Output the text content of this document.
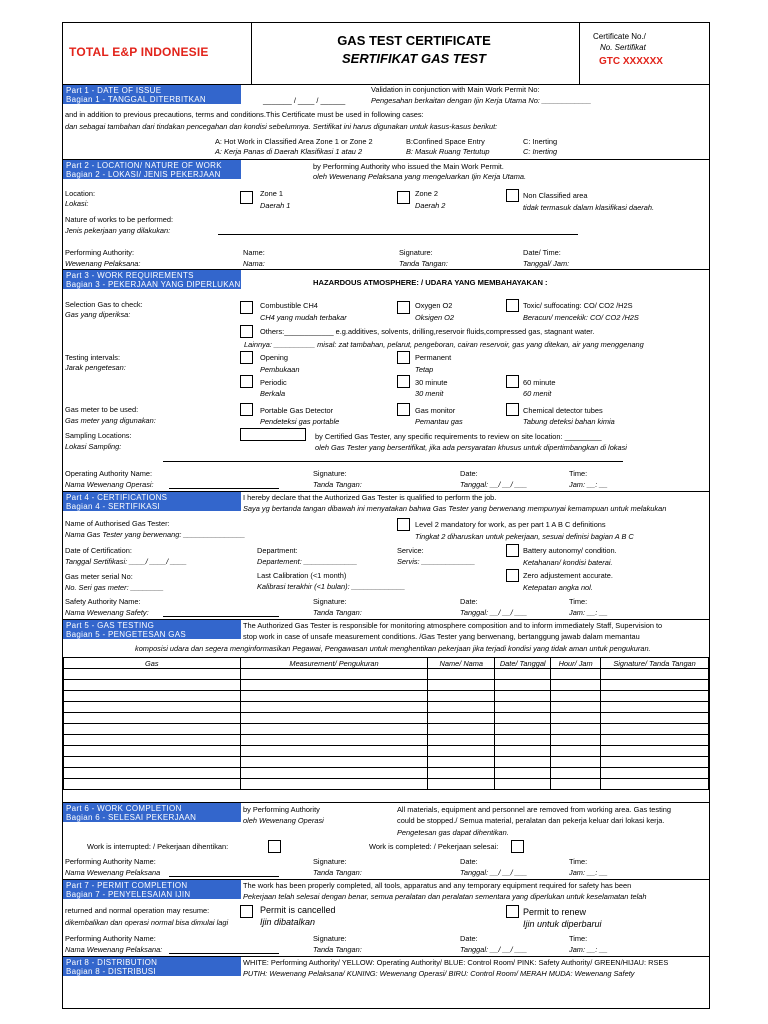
TOTAL E&P INDONESIE
GAS TEST CERTIFICATE
SERTIFIKAT GAS TEST
Certificate No./
No. Sertifikat
GTC XXXXXX
Part 1 - DATE OF ISSUE
Bagian 1 - TANGGAL DITERBITKAN	_______ / ____ / ______
Validation in conjunction with Main Work Permit No:
Pengesahan berkaitan dengan Ijin Kerja Utama No: ____________
and in addition to previous precautions, terms and conditions.This Certificate must be used in following cases:
dan sebagai tambahan dari tindakan pencegahan dan kondisi sebelumnya. Sertifikat ini harus digunakan untuk kasus-kasus berikut:
A: Hot Work in Classified Area Zone 1 or Zone 2
A: Kerja Panas di Daerah Klasifikasi 1 atau 2
B:Confined Space Entry
B: Masuk Ruang Tertutup
C: Inerting
C: Inerting
Part 2 - LOCATION/ NATURE OF WORK
Bagian 2 - LOKASI/ JENIS PEKERJAAN
by Performing Authority who issued the Main Work Permit.
oleh Wewenang Pelaksana yang mengeluarkan Ijin Kerja Utama.
Location:
Lokasi:
Zone 1
Daerah 1
Zone 2
Daerah 2
Non Classified area
tidak termasuk dalam klasifikasi daerah.
Nature of works to be performed:
Jenis pekerjaan yang dilakukan:
Performing Authority:
Wewenang Pelaksana:
Name:
Nama:
Signature:
Tanda Tangan:
Date/ Time:
Tanggal/ Jam:
Part 3 - WORK REQUIREMENTS
Bagian 3 - PEKERJAAN YANG DIPERLUKAN	HAZARDOUS ATMOSPHERE: / UDARA YANG MEMBAHAYAKAN :
Selection Gas to check:
Gas yang diperiksa:
Combustible CH4
CH4 yang mudah terbakar
Oxygen O2
Oksigen O2
Toxic/ suffocating: CO/ CO2 /H2S
Beracun/ mencekik: CO/ CO2 /H2S
Others:____________ e.g.additives, solvents, drilling,reservoir fluids,compressed gas, stagnant water.
Lainnya: __________ misal: zat tambahan, pelarut, pengeboran, cairan reservoir, gas yang ditekan, air yang menggenang
Testing intervals:
Jarak pengetesan:
Opening
Pembukaan
Permanent
Tetap
Periodic
Berkala
30 minute
30 menit
60 minute
60 menit
Gas meter to be used:
Gas meter yang digunakan:
Portable Gas Detector
Pendeteksi gas portable
Gas monitor
Pemantau gas
Chemical detector tubes
Tabung deteksi bahan kimia
Sampling Locations:
Lokasi Sampling:
by Certified Gas Tester, any specific requirements to review on site location: _________
oleh Gas Tester yang bersertifikat, jika ada persyaratan khusus untuk dipertimbangkan di lokasi
Operating Authority Name:
Nama Wewenang Operasi:
Signature:
Tanda Tangan:
Date:
Tanggal: __/ __/ ___
Time:
Jam: __: __
Part 4 - CERTIFICATIONS
Bagian 4 - SERTIFIKASI
I hereby declare that the Authorized Gas Tester is qualified to perform the job.
Saya yg bertanda tangan dibawah ini menyatakan bahwa Gas Tester yang berwenang mempunyai kemampuan untuk melakukan
Name of Authorised Gas Tester:
Nama Gas Tester yang berwenang: _______________
Level 2 mandatory for work, as per part 1 A B C definitions
Tingkat 2 diharuskan untuk pekerjaan, sesuai definisi bagian A B C
Date of Certification:
Tanggal Sertifikasi: ____/ ____/ ____
Department:
Departement: _____________
Service:
Servis: _____________
Battery autonomy/ condition.
Ketahanan/ kondisi baterai.
Gas meter serial No:
No. Seri gas meter: ________
Last Calibration (<1 month)
Kalibrasi terakhir (<1 bulan): _____________
Zero adjustement accurate.
Ketepatan angka nol.
Safety Authority Name:
Nama Wewenang Safety:
Signature:
Tanda Tangan:
Date:
Tanggal: __/ __/ ___
Time:
Jam: __: __
Part 5 - GAS TESTING
Bagian 5 - PENGETESAN GAS
The Authorized Gas Tester is responsible for monitoring atmosphere composition and to inform immediately Staff, Supervision to
stop work in case of unsafe measurement conditions. /Gas Tester yang berwenang, bertanggung jawab dalam memantau
komposisi udara dan segera menginformasikan Pegawai, Pengawasan untuk menghentikan pekerjaan jika terjadi kondisi yang tidak aman untuk pengukuran.
Gas	Measurement/ Pengukuran	Name/ Nama	Date/ Tanggal	Hour/ Jam	Signature/ Tanda Tangan

Part 6 - WORK COMPLETION
Bagian 6 - SELESAI PEKERJAAN
by Performing Authority
oleh Wewenang Operasi
All materials, equipment and personnel are removed from working area. Gas testing
could be stopped./ Semua material, peralatan dan pekerja keluar dari lokasi kerja.
Pengetesan gas dapat dihentikan.
Work is interrupted: / Pekerjaan dihentikan:	Work is completed: / Pekerjaan selesai:
Performing Authority Name:
Nama Wewenang Pelaksana
Signature:
Tanda Tangan:
Date:
Tanggal: __/ __/ ___
Time:
Jam: __: __
Part 7 - PERMIT COMPLETION
Bagian 7 - PENYELESAIAN IJIN
The work has been properly completed, all tools, apparatus and any temporary equipment required for safety has been
Pekerjaan telah selesai dengan benar, semua peralatan dan peralatan sementara yang diperlukan untuk keselamatan telah
returned and normal operation may resume:
dikembalikan dan operasi normal bisa dimulai lagi
Permit is cancelled
Ijin dibatalkan
Permit to renew
Ijin untuk diperbarui
Performing Authority Name:
Nama Wewenang Pelaksana:
Signature:
Tanda Tangan:
Date:
Tanggal: __/ __/ ___
Time:
Jam: __: __
Part 8 - DISTRIBUTION
Bagian 8 - DISTRIBUSI
WHITE: Performing Authority/ YELLOW: Operating Authority/ BLUE: Control Room/ PINK: Safety Authority/ GREEN/HIJAU: RSES
PUTIH: Wewenang Pelaksana/ KUNING: Wewenang Operasi/ BIRU: Control Room/ MERAH MUDA: Wewenang Safety
